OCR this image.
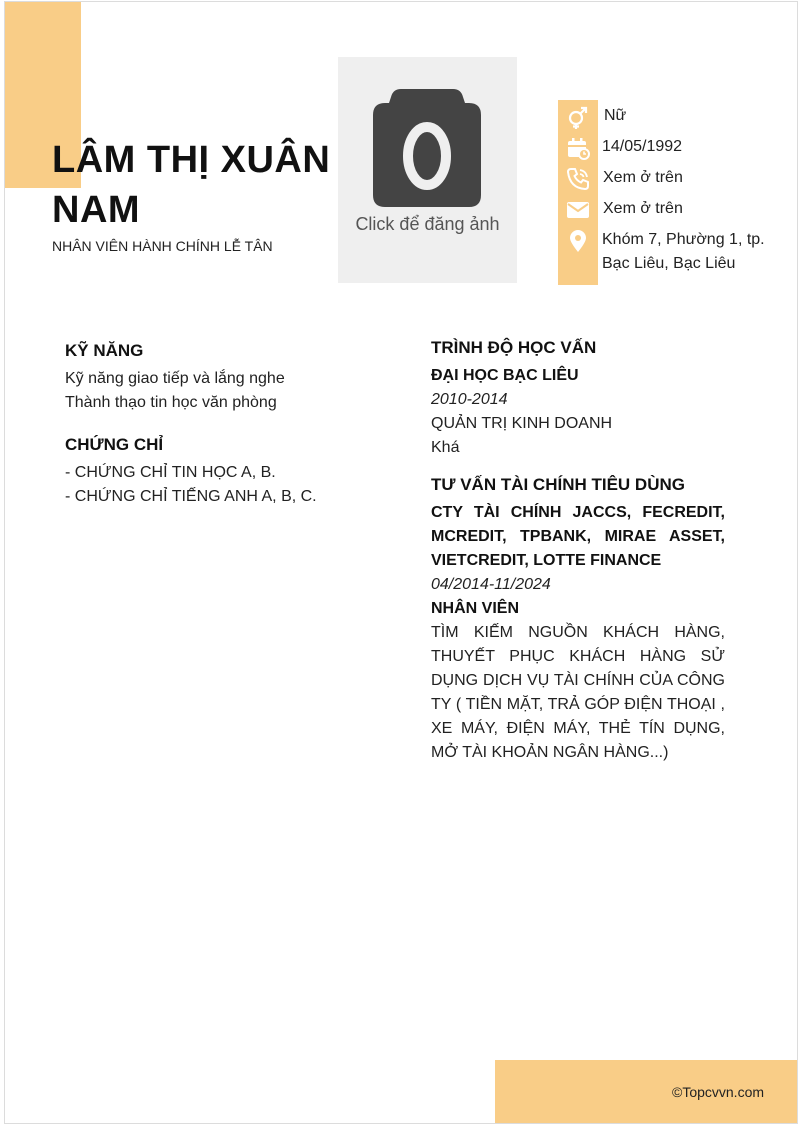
LÂM THỊ XUÂN NAM
NHÂN VIÊN HÀNH CHÍNH LỄ TÂN
Click để đăng ảnh
Nữ
14/05/1992
Xem ở trên
Xem ở trên
Khóm 7, Phường 1, tp.
Bạc Liêu, Bạc Liêu
KỸ NĂNG
Kỹ năng giao tiếp và lắng nghe
Thành thạo tin học văn phòng
CHỨNG CHỈ
- CHỨNG CHỈ TIN HỌC A, B.
- CHỨNG CHỈ TIẾNG ANH A, B, C.
TRÌNH ĐỘ HỌC VẤN
ĐẠI HỌC BẠC LIÊU
2010-2014
QUẢN TRỊ KINH DOANH
Khá
TƯ VẤN TÀI CHÍNH TIÊU DÙNG
CTY TÀI CHÍNH JACCS, FECREDIT, MCREDIT, TPBANK, MIRAE ASSET, VIETCREDIT, LOTTE FINANCE
04/2014-11/2024
NHÂN VIÊN
TÌM KIẾM NGUỒN KHÁCH HÀNG, THUYẾT PHỤC KHÁCH HÀNG SỬ DỤNG DỊCH VỤ TÀI CHÍNH CỦA CÔNG TY ( TIỀN MẶT, TRẢ GÓP ĐIỆN THOẠI , XE MÁY, ĐIỆN MÁY, THẺ TÍN DỤNG, MỞ TÀI KHOẢN NGÂN HÀNG...)
©Topcvvn.com
